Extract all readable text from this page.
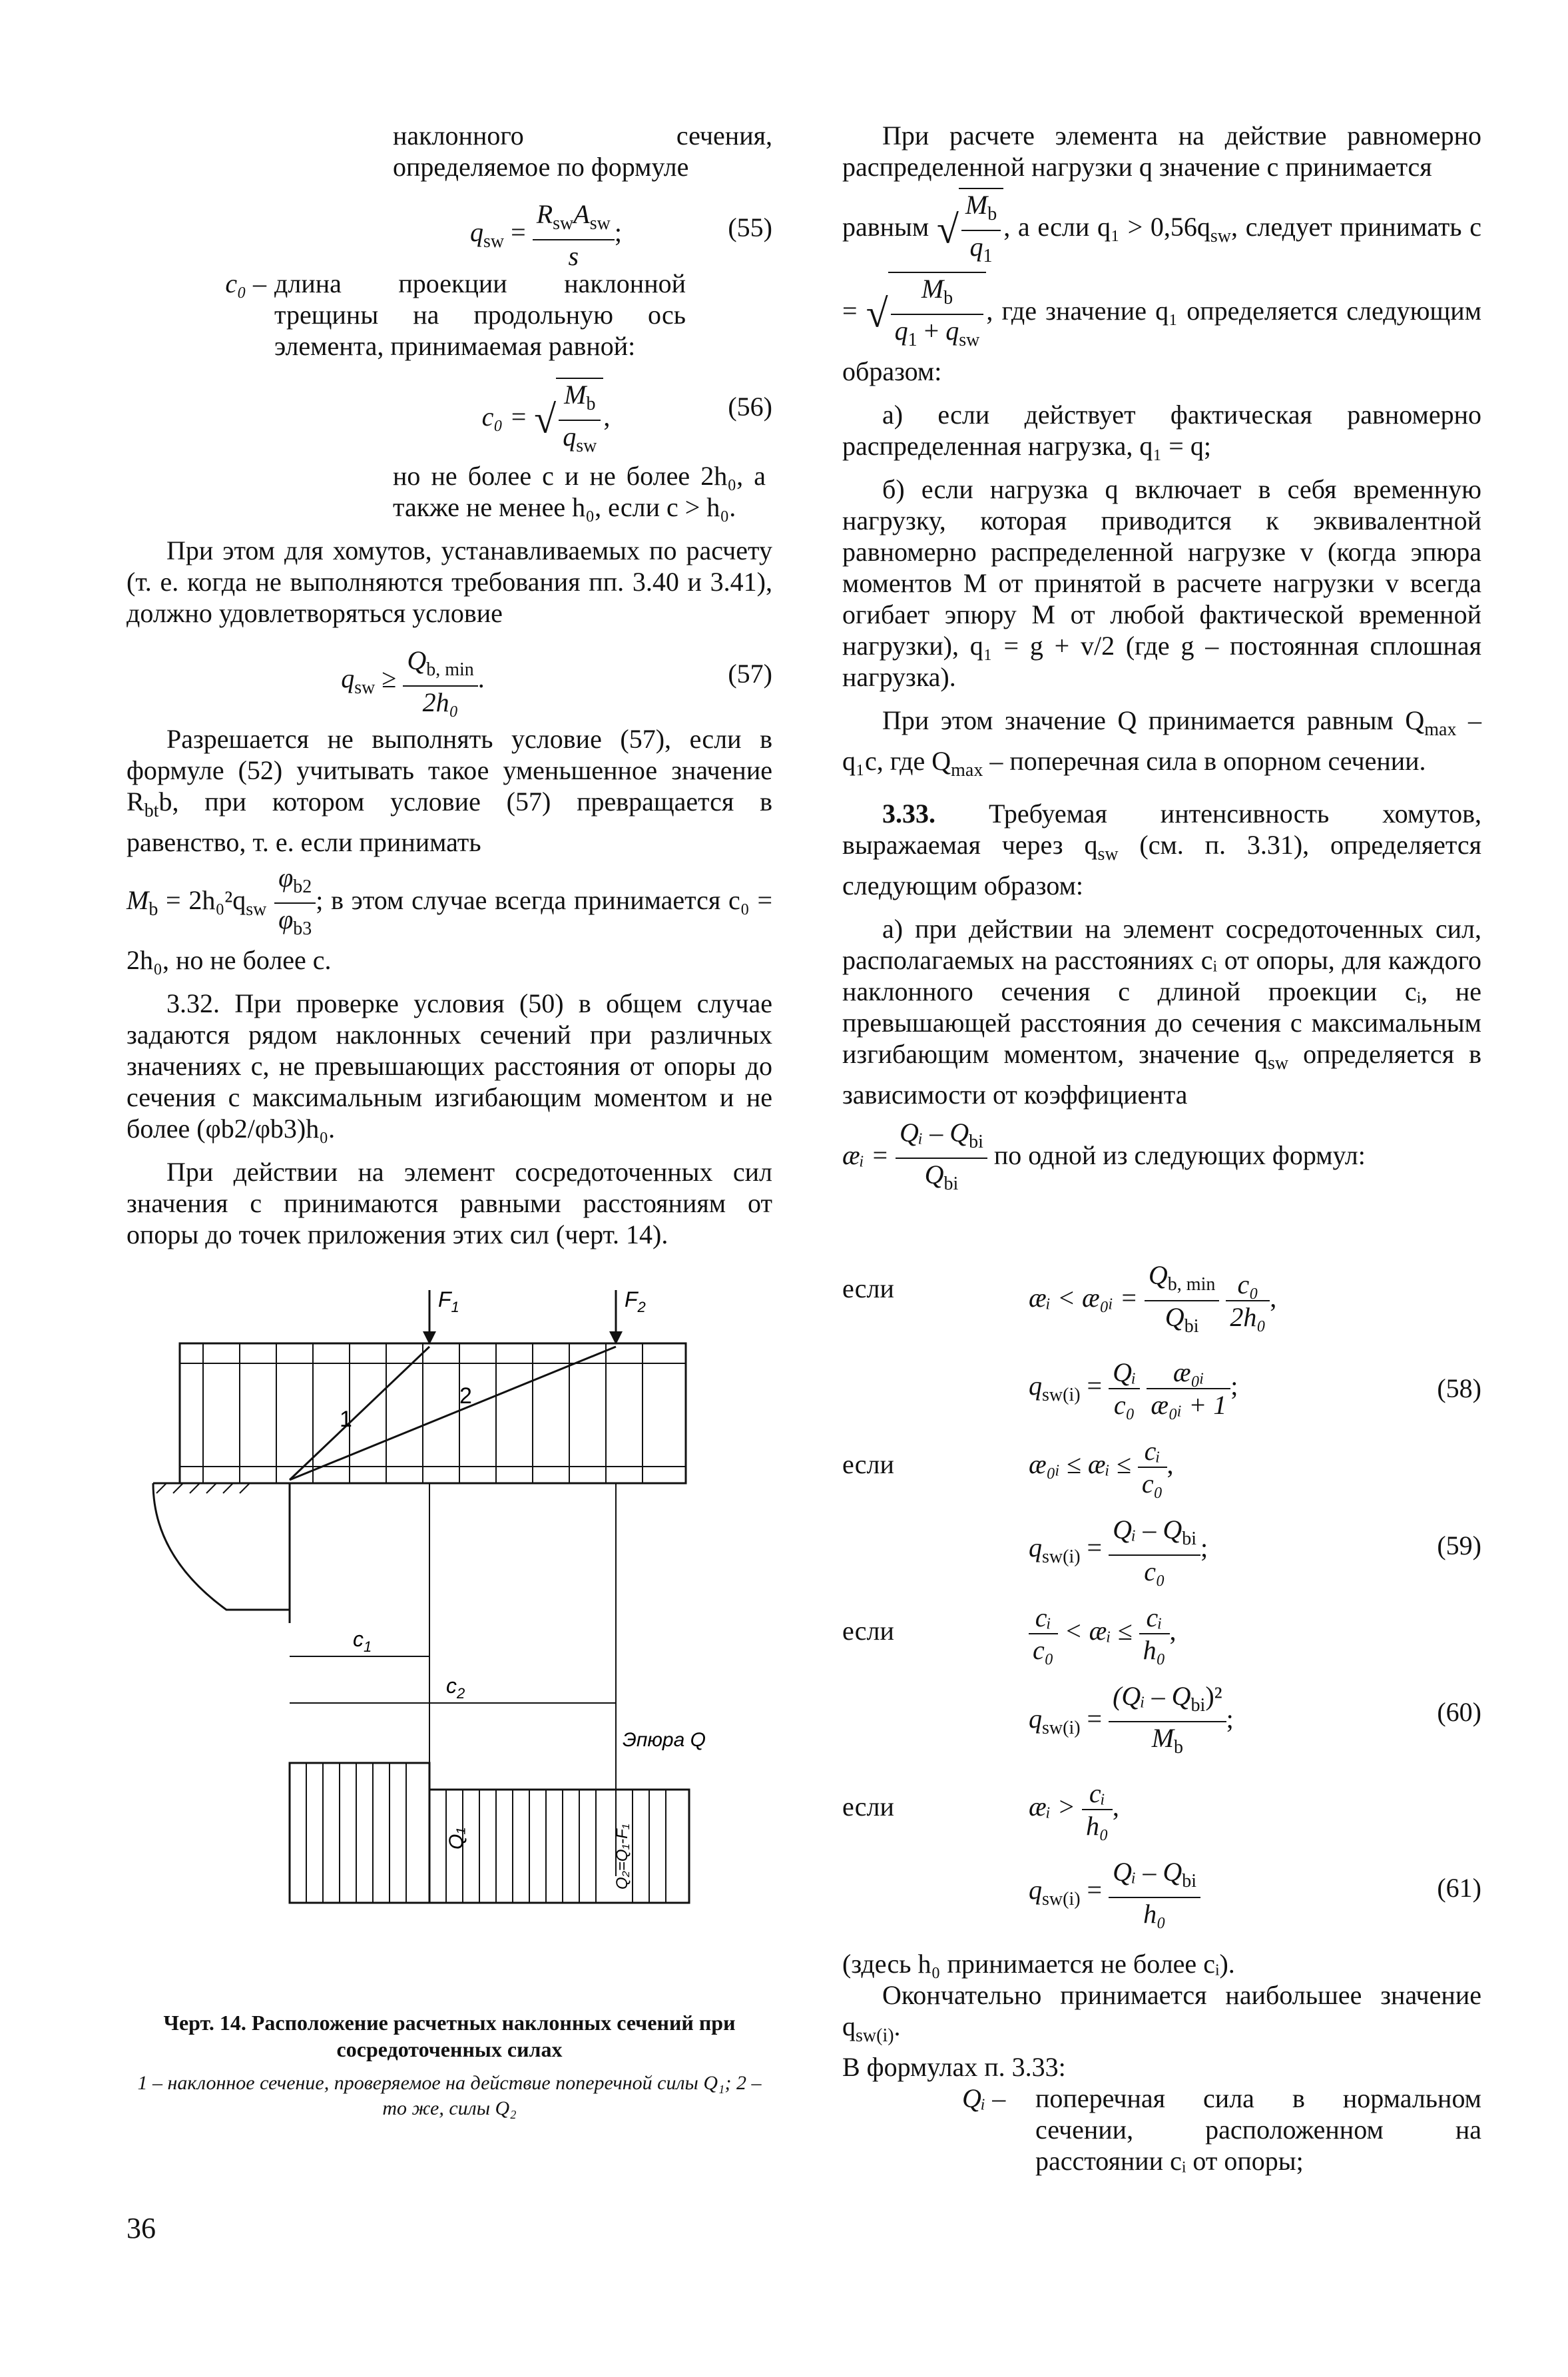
наклонного сечения, определяемое по формуле

$q_{sw} = \frac{R_{sw}A_{sw}}{s}$ ;	(55)
c₀ – длина проекции наклонной трещины на продольную ось элемента, принимаемая равной:
c₀ = √ $\frac{M_b}{q_{sw}}$ ,	(56)

но не более c и не более 2h₀, а также не менее h₀, если c > h₀.

При этом для хомутов, устанавливаемых по расчету (т. е. когда не выполняются требования пп. 3.40 и 3.41), должно удовлетворяться условие

$q_{sw} \ge \frac{Q_{b, min}}{\text{2h₀}}$ .	(57)

Разрешается не выполнять условие (57), если в формуле (52) учитывать такое уменьшенное значение $R_{bt}b$, при котором условие (57) превращается в равенство, т. е. если принимать

$M_b = 2h_0^2q_{sw} \frac{\varphi_{b2}}{\varphi_{b3}}$ ; в этом случае всегда принимается c₀ = 2h₀, но не более c.

3.32. При проверке условия (50) в общем случае задаются рядом наклонных сечений при различных значениях c, не превышающих расстояния от опоры до сечения с максимальным изгибающим моментом и не более (φb2/φb3)h₀.

При действии на элемент сосредоточенных сил значения c принимаются равными расстояниям от опоры до точек приложения этих сил (черт. 14).

1
2
$F_1$	$F_2$
$c_1$
$c_2$
Эпюра Q
Q₁	Q₂=Q₁-F₁
Черт. 14. Расположение расчетных наклонных сечений при сосредоточенных силах
1 – наклонное сечение, проверяемое на действие поперечной силы Q₁; 2 – то же, силы Q₂

При расчете элемента на действие равномерно распределенной нагрузки q значение c принимается

равным √ $\frac{M_b}{q_1}$ , а если $q_1 > 0,56q_{sw}$, следует принимать c = √ $\frac{M_b}{q_1 + q_{sw}}$ , где значение q₁ определяется следующим образом:

а) если действует фактическая равномерно распределенная нагрузка, q₁ = q;

б) если нагрузка q включает в себя временную нагрузку, которая приводится к эквивалентной равномерно распределенной нагрузке v (когда эпюра моментов M от принятой в расчете нагрузки v всегда огибает эпюру M от любой фактической временной нагрузки), q₁ = g + v/2 (где g – постоянная сплошная нагрузка).

При этом значение Q принимается равным $Q_{max} - q_1c$, где $Q_{max}$ – поперечная сила в опорном сечении.

3.33. Требуемая интенсивность хомутов, выражаемая через $q_{sw}$ (см. п. 3.31), определяется следующим образом:

а) при действии на элемент сосредоточенных сил, располагаемых на расстояниях cᵢ от опоры, для каждого наклонного сечения с длиной проекции cᵢ, не превышающей расстояния до сечения с максимальным изгибающим моментом, значение $q_{sw}$ определяется в зависимости от коэффициента

æᵢ = $\frac{Qᵢ - Q_{bi}}{Q_{bi}}$ по одной из следующих формул:

если	æᵢ < æ₀ᵢ = $\frac{Q_{b, min}}{Q_{bi}}$
$\frac{\text{c₀}}{\text{2h₀}}$ ,
$q_{sw(i)} = \frac{\text{Qᵢ}}{\text{c₀}}$
$\frac{\text{æ₀ᵢ}}{\text{æ₀ᵢ + 1}}$ ;	(58)
если	æ₀ᵢ ≤ æᵢ ≤ $\frac{\text{cᵢ}}{\text{c₀}}$ ,
$q_{sw(i)} = \frac{Qᵢ - Q_{bi}}{\text{c₀}}$ ;	(59)
если	$\frac{\text{cᵢ}}{\text{c₀}}$ < æᵢ ≤ $\frac{\text{cᵢ}}{\text{h₀}}$ ,
$q_{sw(i)} = \frac{(Qᵢ - Q_{bi})^2}{M_b}$ ;	(60)
если	æᵢ > $\frac{\text{cᵢ}}{\text{h₀}}$ ,
$q_{sw(i)} = \frac{Qᵢ - Q_{bi}}{\text{h₀}}$	(61)

(здесь h₀ принимается не более cᵢ).

Окончательно принимается наибольшее значение $q_{sw(i)}$.

В формулах п. 3.33:

Qᵢ –	поперечная сила в нормальном сечении, расположенном на расстоянии cᵢ от опоры;
36
